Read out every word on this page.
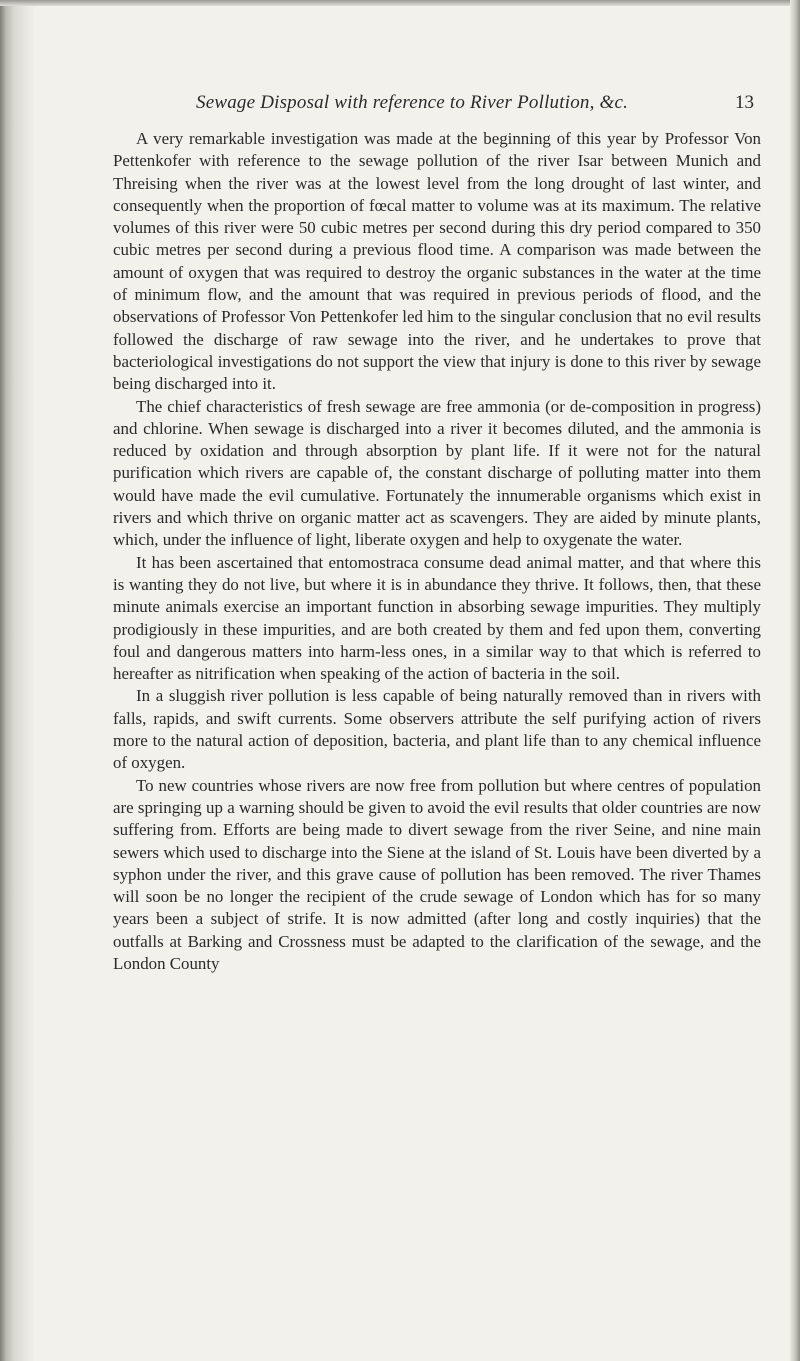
Sewage Disposal with reference to River Pollution, &c.	13

A very remarkable investigation was made at the beginning of this year by Professor Von Pettenkofer with reference to the sewage pollution of the river Isar between Munich and Threising when the river was at the lowest level from the long drought of last winter, and consequently when the proportion of fœcal matter to volume was at its maximum. The relative volumes of this river were 50 cubic metres per second during this dry period compared to 350 cubic metres per second during a previous flood time. A comparison was made between the amount of oxygen that was required to destroy the organic substances in the water at the time of minimum flow, and the amount that was required in previous periods of flood, and the observations of Professor Von Pettenkofer led him to the singular conclusion that no evil results followed the discharge of raw sewage into the river, and he undertakes to prove that bacteriological investigations do not support the view that injury is done to this river by sewage being discharged into it.

The chief characteristics of fresh sewage are free ammonia (or de-composition in progress) and chlorine. When sewage is discharged into a river it becomes diluted, and the ammonia is reduced by oxidation and through absorption by plant life. If it were not for the natural purification which rivers are capable of, the constant discharge of polluting matter into them would have made the evil cumulative. Fortunately the innumerable organisms which exist in rivers and which thrive on organic matter act as scavengers. They are aided by minute plants, which, under the influence of light, liberate oxygen and help to oxygenate the water.

It has been ascertained that entomostraca consume dead animal matter, and that where this is wanting they do not live, but where it is in abundance they thrive. It follows, then, that these minute animals exercise an important function in absorbing sewage impurities. They multiply prodigiously in these impurities, and are both created by them and fed upon them, converting foul and dangerous matters into harm-less ones, in a similar way to that which is referred to hereafter as nitrification when speaking of the action of bacteria in the soil.

In a sluggish river pollution is less capable of being naturally removed than in rivers with falls, rapids, and swift currents. Some observers attribute the self purifying action of rivers more to the natural action of deposition, bacteria, and plant life than to any chemical influence of oxygen.

To new countries whose rivers are now free from pollution but where centres of population are springing up a warning should be given to avoid the evil results that older countries are now suffering from. Efforts are being made to divert sewage from the river Seine, and nine main sewers which used to discharge into the Siene at the island of St. Louis have been diverted by a syphon under the river, and this grave cause of pollution has been removed. The river Thames will soon be no longer the recipient of the crude sewage of London which has for so many years been a subject of strife. It is now admitted (after long and costly inquiries) that the outfalls at Barking and Crossness must be adapted to the clarification of the sewage, and the London County
